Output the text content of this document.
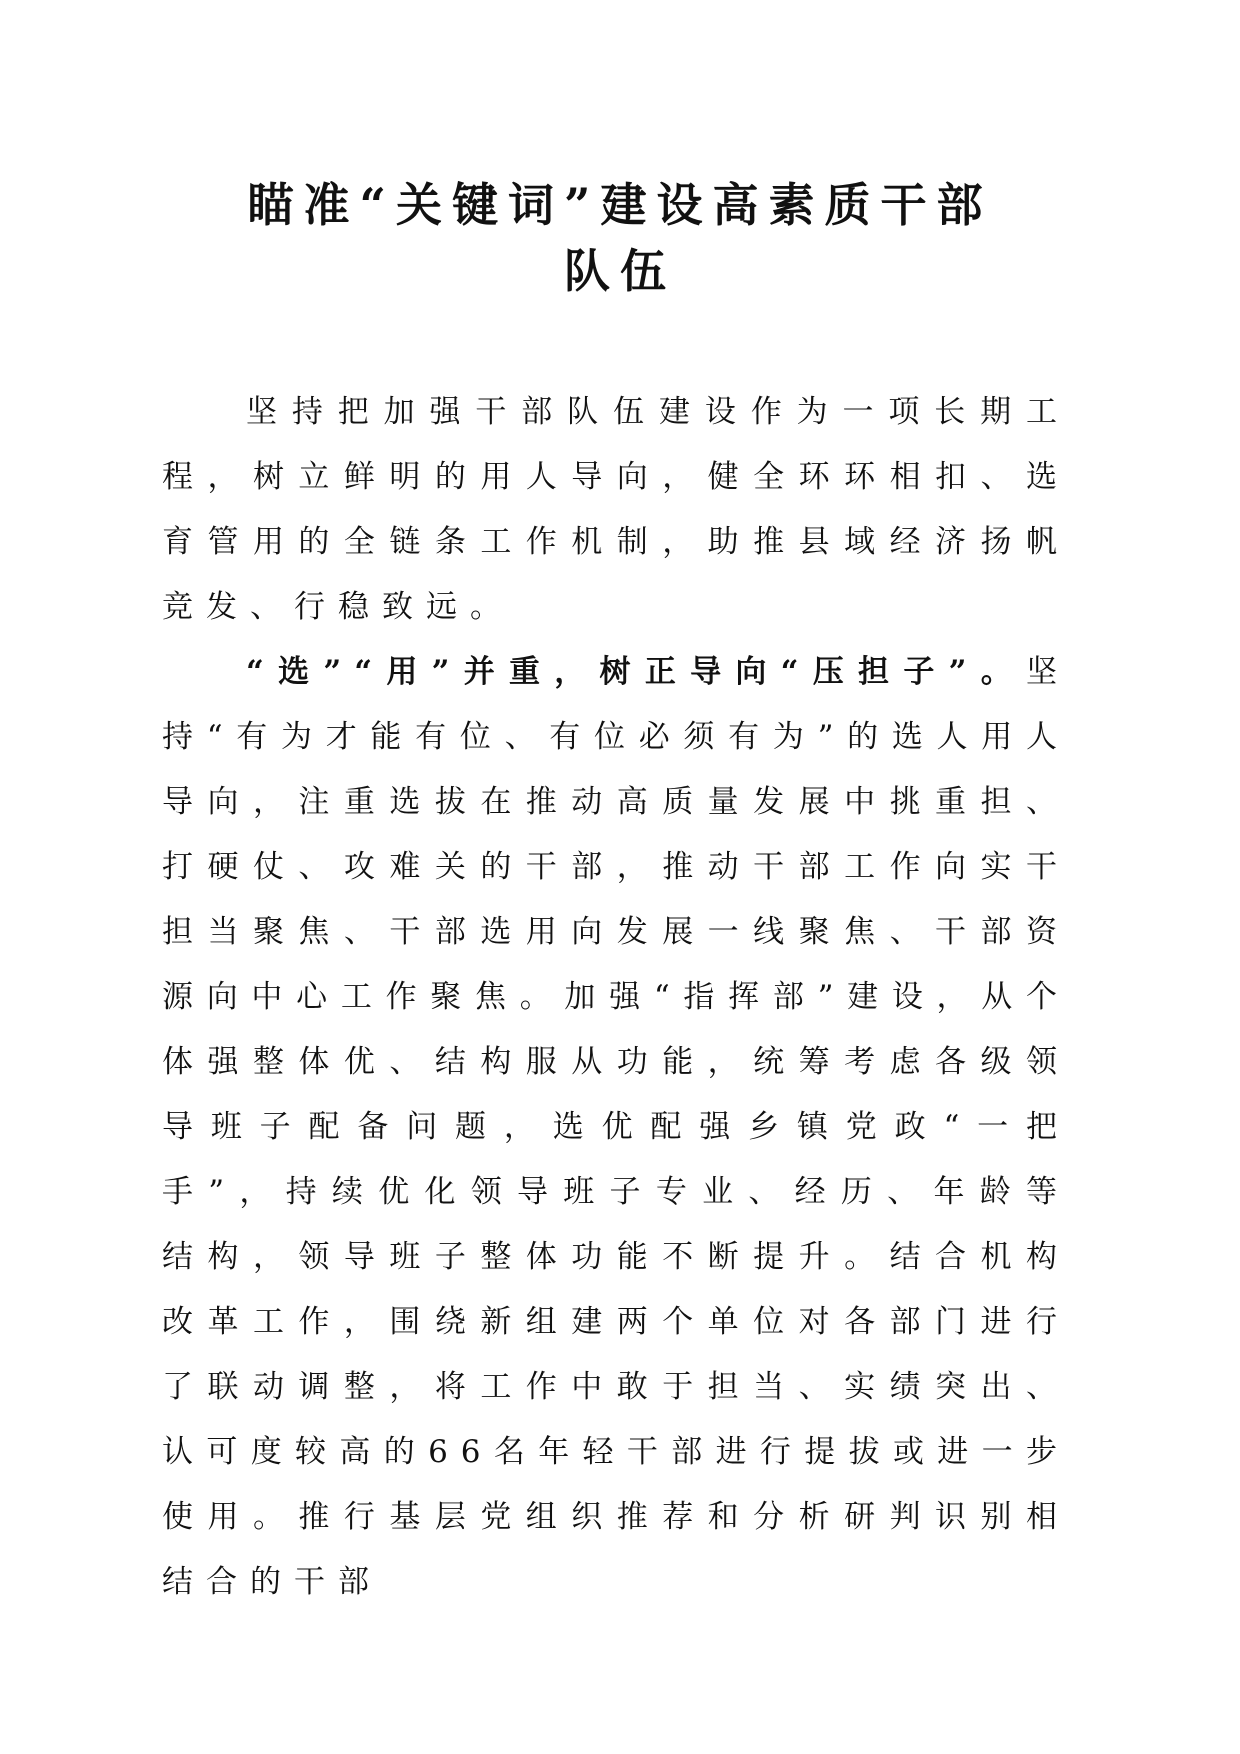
瞄准“关键词”建设高素质干部
队伍

坚持把加强干部队伍建设作为一项长期工程，树立鲜明的用人导向，健全环环相扣、选育管用的全链条工作机制，助推县域经济扬帆竞发、行稳致远。

“选”“用”并重，树正导向“压担子”。坚持“有为才能有位、有位必须有为”的选人用人导向，注重选拔在推动高质量发展中挑重担、打硬仗、攻难关的干部，推动干部工作向实干担当聚焦、干部选用向发展一线聚焦、干部资源向中心工作聚焦。加强“指挥部”建设，从个体强整体优、结构服从功能，统筹考虑各级领导班子配备问题，选优配强乡镇党政“一把手”，持续优化领导班子专业、经历、年龄等结构，领导班子整体功能不断提升。结合机构改革工作，围绕新组建两个单位对各部门进行了联动调整，将工作中敢于担当、实绩突出、认可度较高的66名年轻干部进行提拔或进一步使用。推行基层党组织推荐和分析研判识别相结合的干部
